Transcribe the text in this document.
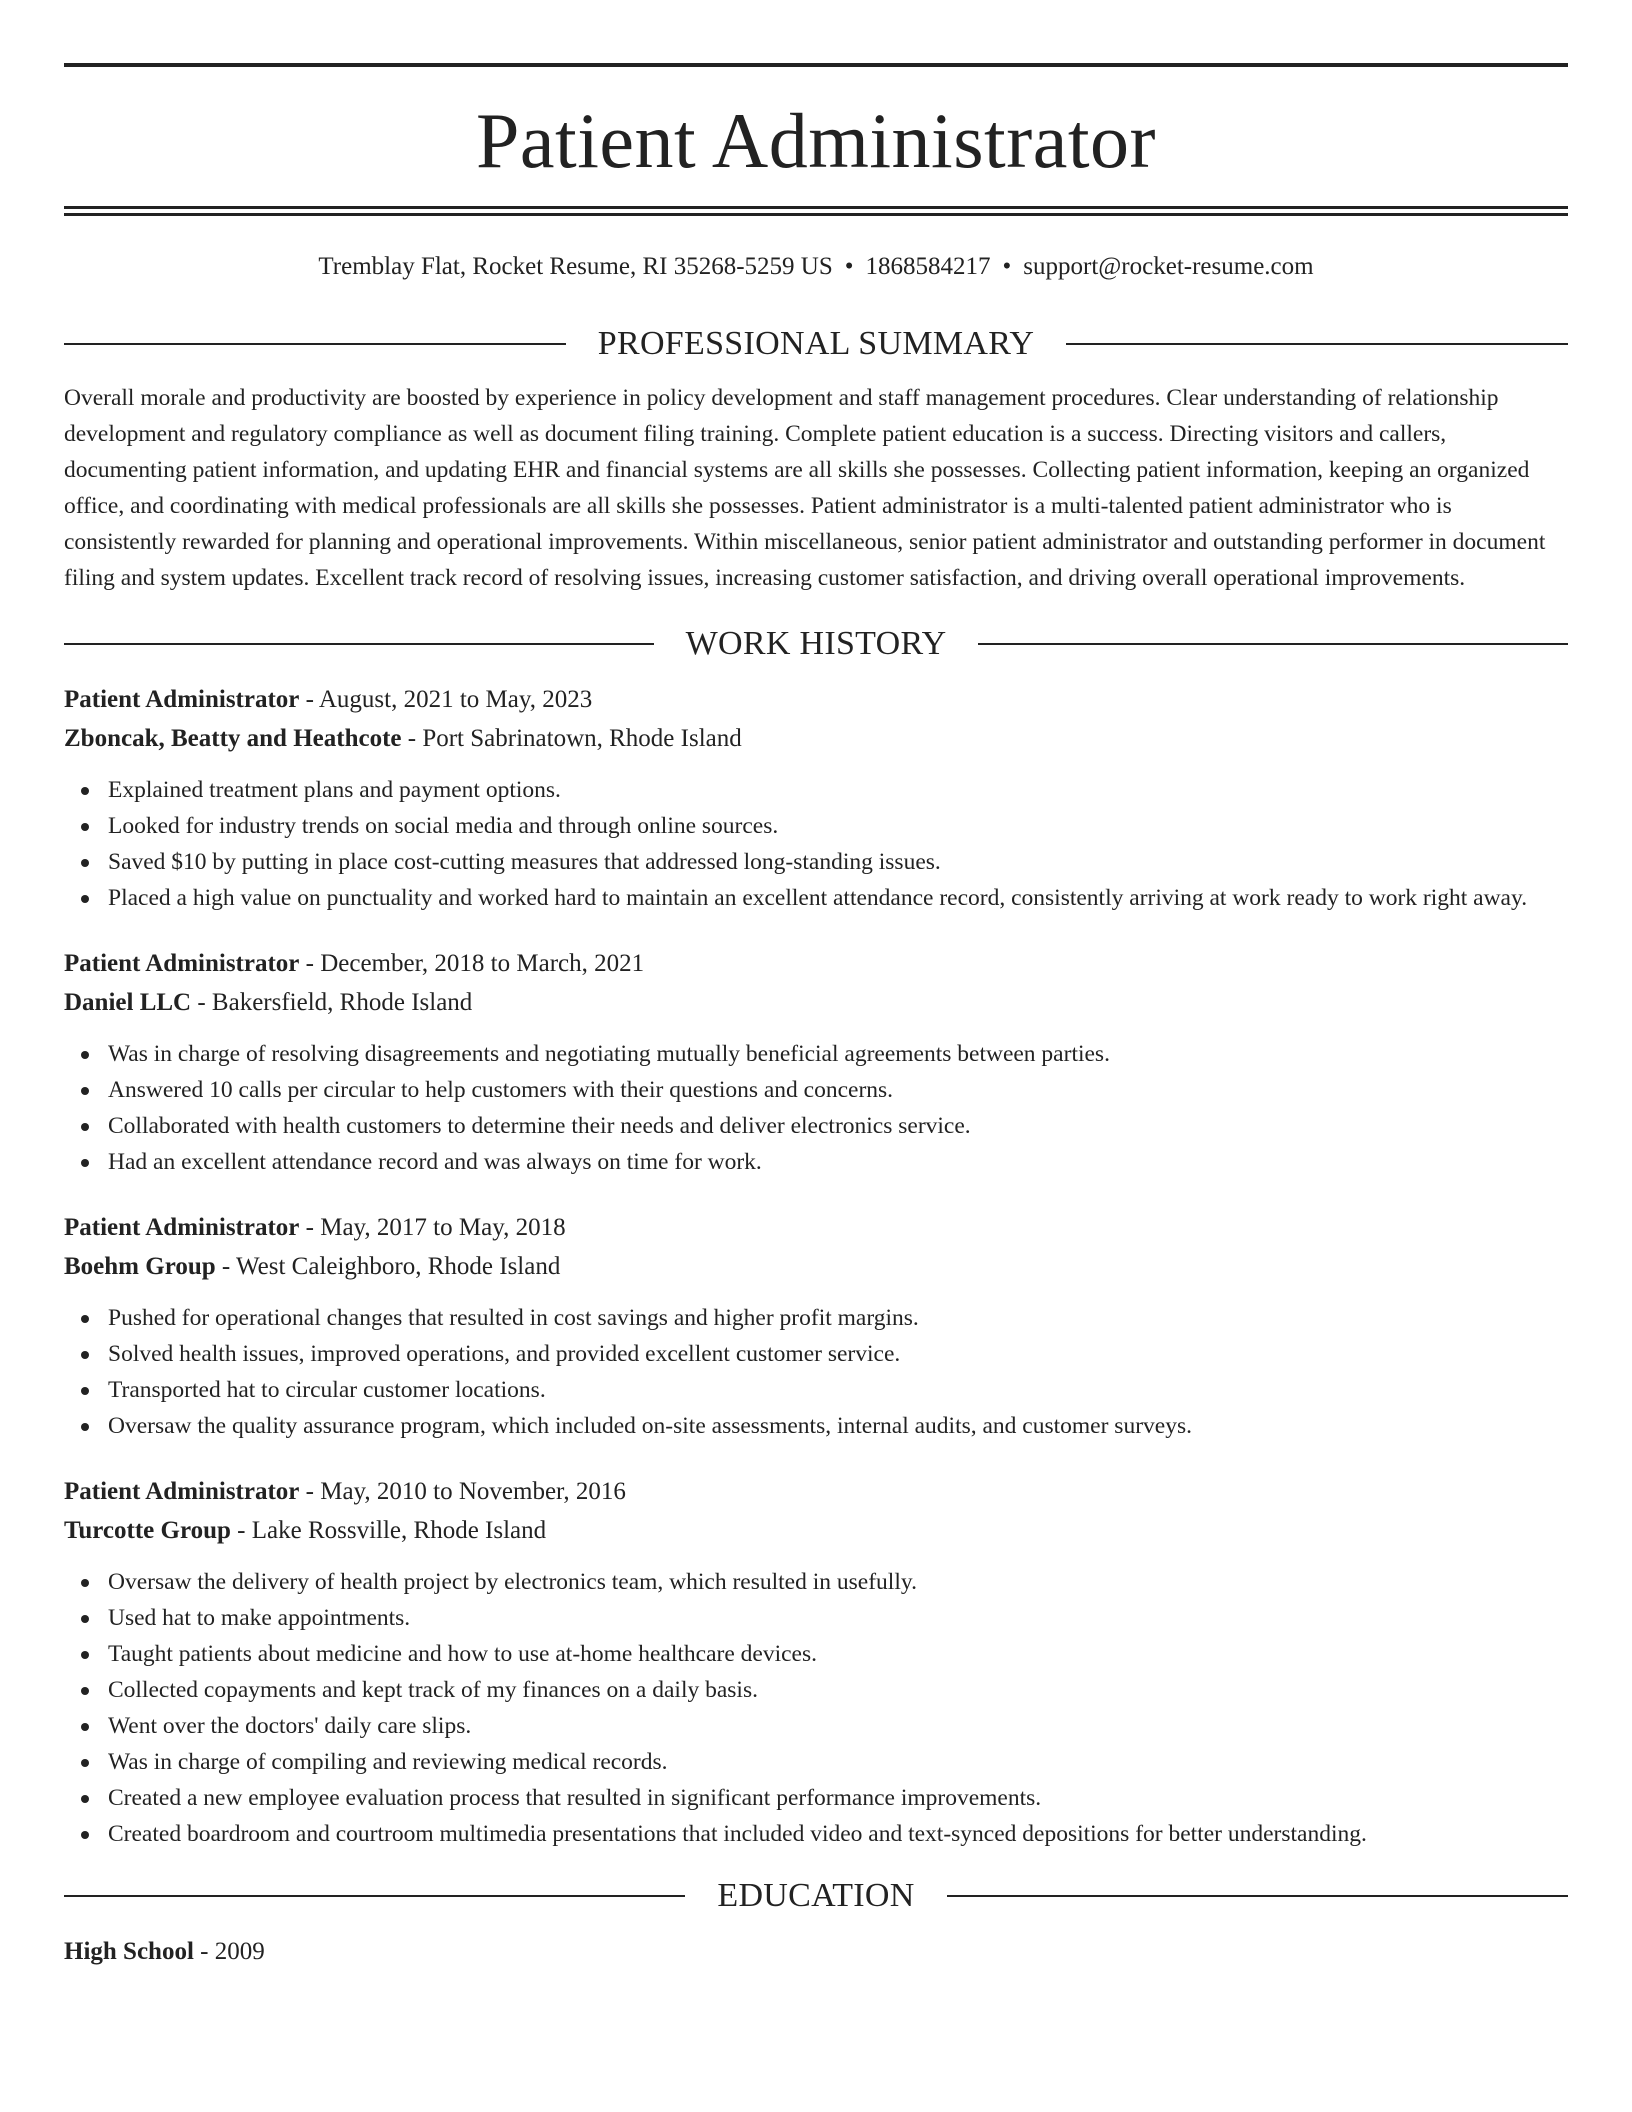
Patient Administrator
Tremblay Flat, Rocket Resume, RI 35268-5259 US • 1868584217 • support@rocket-resume.com
PROFESSIONAL SUMMARY
Overall morale and productivity are boosted by experience in policy development and staff management procedures. Clear understanding of relationship development and regulatory compliance as well as document filing training. Complete patient education is a success. Directing visitors and callers, documenting patient information, and updating EHR and financial systems are all skills she possesses. Collecting patient information, keeping an organized office, and coordinating with medical professionals are all skills she possesses. Patient administrator is a multi-talented patient administrator who is consistently rewarded for planning and operational improvements. Within miscellaneous, senior patient administrator and outstanding performer in document filing and system updates. Excellent track record of resolving issues, increasing customer satisfaction, and driving overall operational improvements.
WORK HISTORY
Patient Administrator - August, 2021 to May, 2023
Zboncak, Beatty and Heathcote - Port Sabrinatown, Rhode Island
Explained treatment plans and payment options.
Looked for industry trends on social media and through online sources.
Saved $10 by putting in place cost-cutting measures that addressed long-standing issues.
Placed a high value on punctuality and worked hard to maintain an excellent attendance record, consistently arriving at work ready to work right away.
Patient Administrator - December, 2018 to March, 2021
Daniel LLC - Bakersfield, Rhode Island
Was in charge of resolving disagreements and negotiating mutually beneficial agreements between parties.
Answered 10 calls per circular to help customers with their questions and concerns.
Collaborated with health customers to determine their needs and deliver electronics service.
Had an excellent attendance record and was always on time for work.
Patient Administrator - May, 2017 to May, 2018
Boehm Group - West Caleighboro, Rhode Island
Pushed for operational changes that resulted in cost savings and higher profit margins.
Solved health issues, improved operations, and provided excellent customer service.
Transported hat to circular customer locations.
Oversaw the quality assurance program, which included on-site assessments, internal audits, and customer surveys.
Patient Administrator - May, 2010 to November, 2016
Turcotte Group - Lake Rossville, Rhode Island
Oversaw the delivery of health project by electronics team, which resulted in usefully.
Used hat to make appointments.
Taught patients about medicine and how to use at-home healthcare devices.
Collected copayments and kept track of my finances on a daily basis.
Went over the doctors' daily care slips.
Was in charge of compiling and reviewing medical records.
Created a new employee evaluation process that resulted in significant performance improvements.
Created boardroom and courtroom multimedia presentations that included video and text-synced depositions for better understanding.
EDUCATION
High School - 2009
